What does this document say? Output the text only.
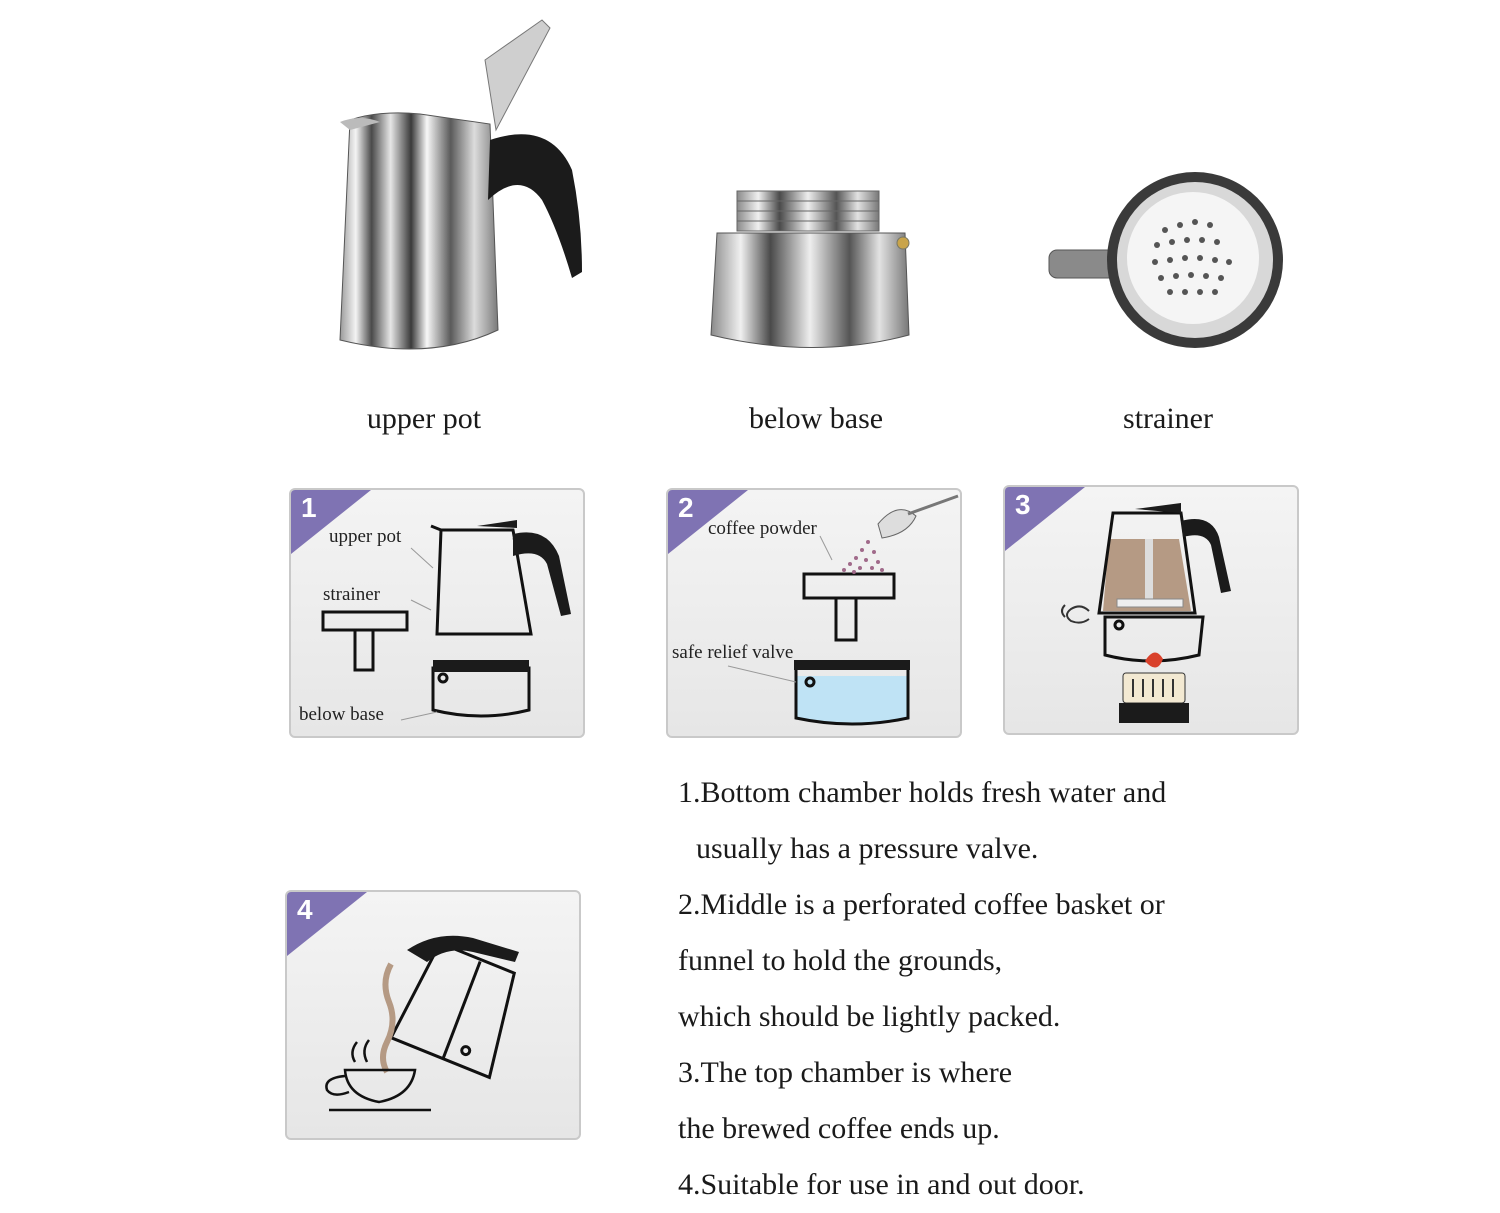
upper pot	below base	strainer
1
upper pot
strainer
below base
2
coffee powder
safe relief valve
3
4

1.Bottom chamber holds fresh water and

usually has a pressure valve.

2.Middle is a perforated coffee basket or

funnel to hold the grounds,

which should be lightly packed.

3.The top chamber is where

the brewed coffee ends up.

4.Suitable for use in and out door.
